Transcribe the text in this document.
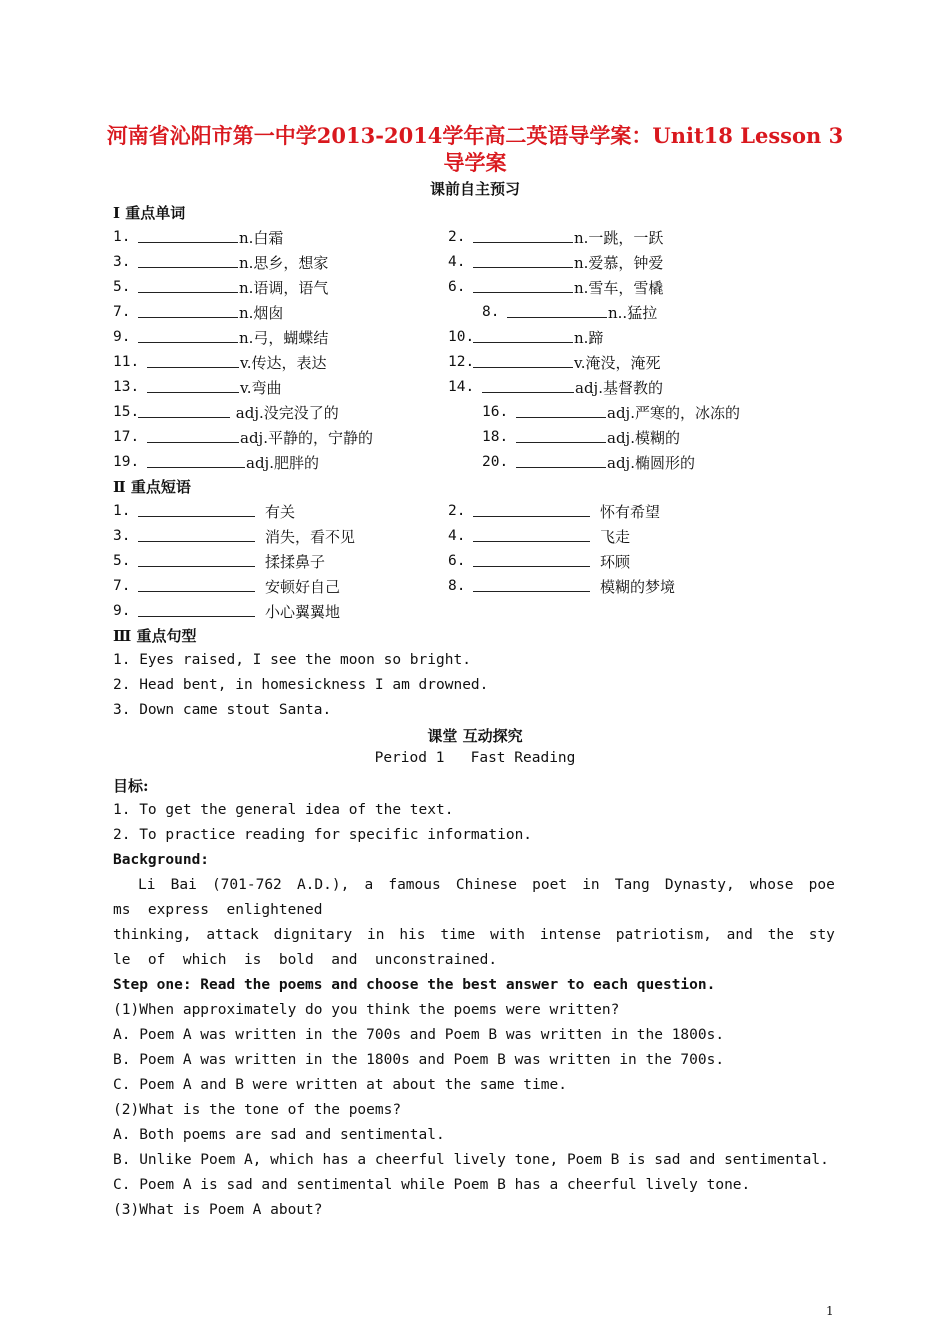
河南省沁阳市第一中学2013-2014学年高二英语导学案：Unit18 Lesson 3 导学案
课前自主预习
Ⅰ 重点单词
1.	n.白霜	2.	n.一跳，一跃
3.	n.思乡，想家	4.	n.爱慕，钟爱
5.	n.语调，语气	6.	n.雪车，雪橇
7.	n.烟囱	8.	n..猛拉
9.	n.弓，蝴蝶结	10.	n.蹄
11.	v.传达，表达	12.	v.淹没，淹死
13.	v.弯曲	14.	adj.基督教的
15.	adj.没完没了的	16.	adj.严寒的，冰冻的
17.	adj.平静的，宁静的	18.	adj.模糊的
19.	adj.肥胖的	20.	adj.椭圆形的
Ⅱ 重点短语
1.	有关	2.	怀有希望
3.	消失，看不见	4.	飞走
5.	揉揉鼻子	6.	环顾
7.	安顿好自己	8.	模糊的梦境
9.	小心翼翼地
Ⅲ 重点句型
1. Eyes raised, I see the moon so bright.
2. Head bent, in homesickness I am drowned.
3. Down came stout Santa.
课堂 互动探究
Period 1   Fast Reading
目标:
1. To get the general idea of the text.
2. To practice reading for specific information.
Background:
Li Bai (701-762 A.D.), a famous Chinese poet in Tang Dynasty, whose poe
ms  express  enlightened
thinking, attack dignitary in his time with intense patriotism, and the sty
le  of  which  is  bold  and  unconstrained.
Step one: Read the poems and choose the best answer to each question.
(1)When approximately do you think the poems were written?
A. Poem A was written in the 700s and Poem B was written in the 1800s.
B. Poem A was written in the 1800s and Poem B was written in the 700s.
C. Poem A and B were written at about the same time.
(2)What is the tone of the poems?
A. Both poems are sad and sentimental.
B. Unlike Poem A, which has a cheerful lively tone, Poem B is sad and sentimental.
C. Poem A is sad and sentimental while Poem B has a cheerful lively tone.
(3)What is Poem A about?
1
